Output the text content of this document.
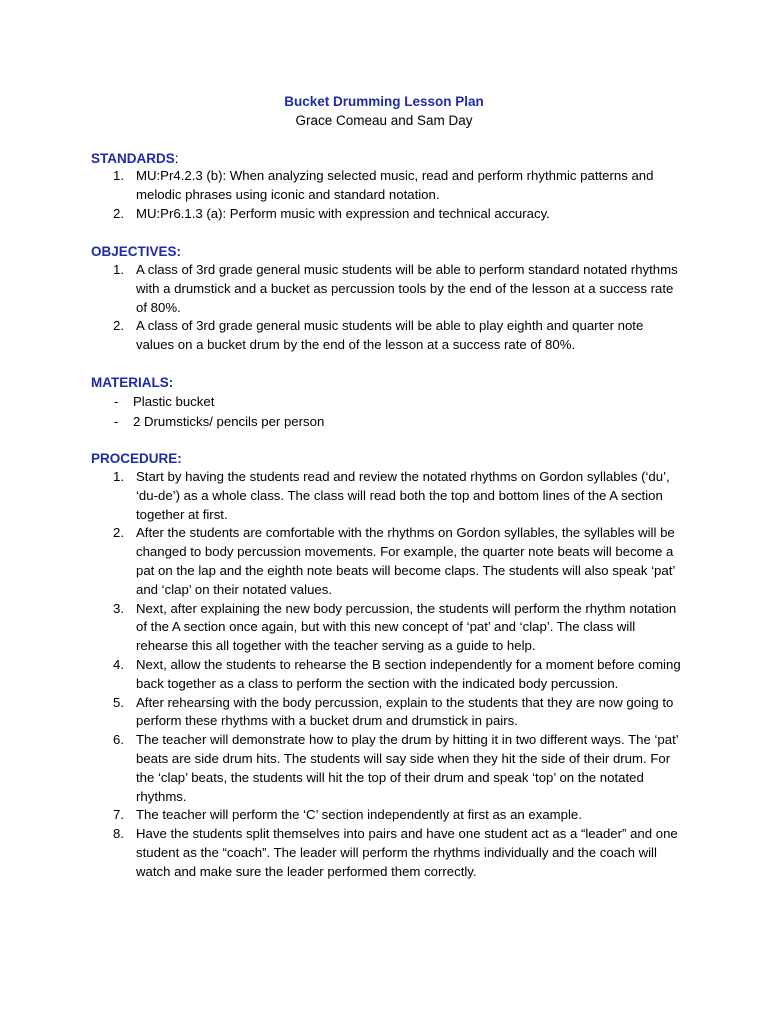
Bucket Drumming Lesson Plan
Grace Comeau and Sam Day
STANDARDS:
1. MU:Pr4.2.3 (b): When analyzing selected music, read and perform rhythmic patterns and melodic phrases using iconic and standard notation.
2. MU:Pr6.1.3 (a): Perform music with expression and technical accuracy.
OBJECTIVES:
1. A class of 3rd grade general music students will be able to perform standard notated rhythms with a drumstick and a bucket as percussion tools by the end of the lesson at a success rate of 80%.
2. A class of 3rd grade general music students will be able to play eighth and quarter note values on a bucket drum by the end of the lesson at a success rate of 80%.
MATERIALS:
- Plastic bucket
- 2 Drumsticks/ pencils per person
PROCEDURE:
1. Start by having the students read and review the notated rhythms on Gordon syllables (‘du’, ‘du-de’) as a whole class. The class will read both the top and bottom lines of the A section together at first.
2. After the students are comfortable with the rhythms on Gordon syllables, the syllables will be changed to body percussion movements. For example, the quarter note beats will become a pat on the lap and the eighth note beats will become claps. The students will also speak ‘pat’ and ‘clap’ on their notated values.
3. Next, after explaining the new body percussion, the students will perform the rhythm notation of the A section once again, but with this new concept of ‘pat’ and ‘clap’. The class will rehearse this all together with the teacher serving as a guide to help.
4. Next, allow the students to rehearse the B section independently for a moment before coming back together as a class to perform the section with the indicated body percussion.
5. After rehearsing with the body percussion, explain to the students that they are now going to perform these rhythms with a bucket drum and drumstick in pairs.
6. The teacher will demonstrate how to play the drum by hitting it in two different ways. The ‘pat’ beats are side drum hits. The students will say side when they hit the side of their drum. For the ‘clap’ beats, the students will hit the top of their drum and speak ‘top’ on the notated rhythms.
7. The teacher will perform the ‘C’ section independently at first as an example.
8. Have the students split themselves into pairs and have one student act as a “leader” and one student as the “coach”. The leader will perform the rhythms individually and the coach will watch and make sure the leader performed them correctly.
